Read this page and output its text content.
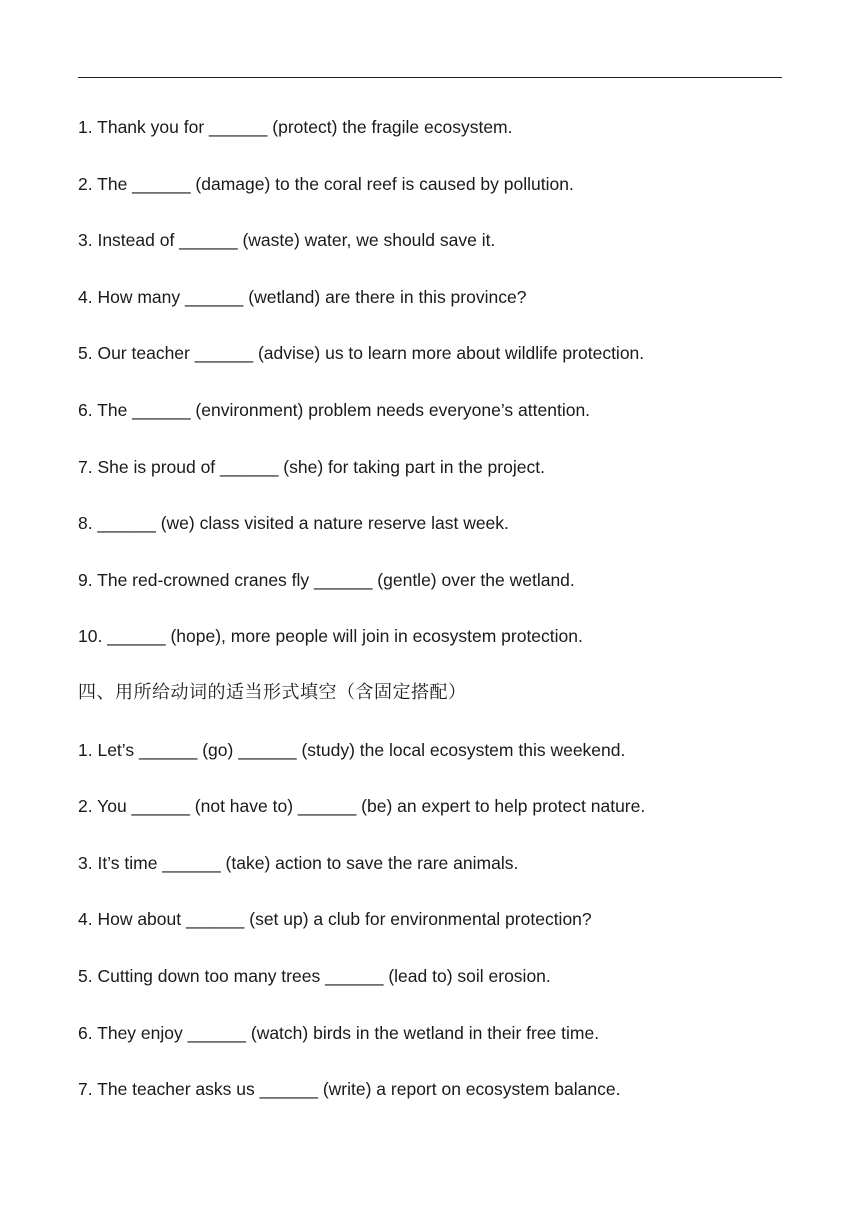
1. Thank you for ______ (protect) the fragile ecosystem.
2. The ______ (damage) to the coral reef is caused by pollution.
3. Instead of ______ (waste) water, we should save it.
4. How many ______ (wetland) are there in this province?
5. Our teacher ______ (advise) us to learn more about wildlife protection.
6. The ______ (environment) problem needs everyone’s attention.
7. She is proud of ______ (she) for taking part in the project.
8. ______ (we) class visited a nature reserve last week.
9. The red-crowned cranes fly ______ (gentle) over the wetland.
10. ______ (hope), more people will join in ecosystem protection.
四、用所给动词的适当形式填空（含固定搭配）
1. Let’s ______ (go) ______ (study) the local ecosystem this weekend.
2. You ______ (not have to) ______ (be) an expert to help protect nature.
3. It’s time ______ (take) action to save the rare animals.
4. How about ______ (set up) a club for environmental protection?
5. Cutting down too many trees ______ (lead to) soil erosion.
6. They enjoy ______ (watch) birds in the wetland in their free time.
7. The teacher asks us ______ (write) a report on ecosystem balance.
